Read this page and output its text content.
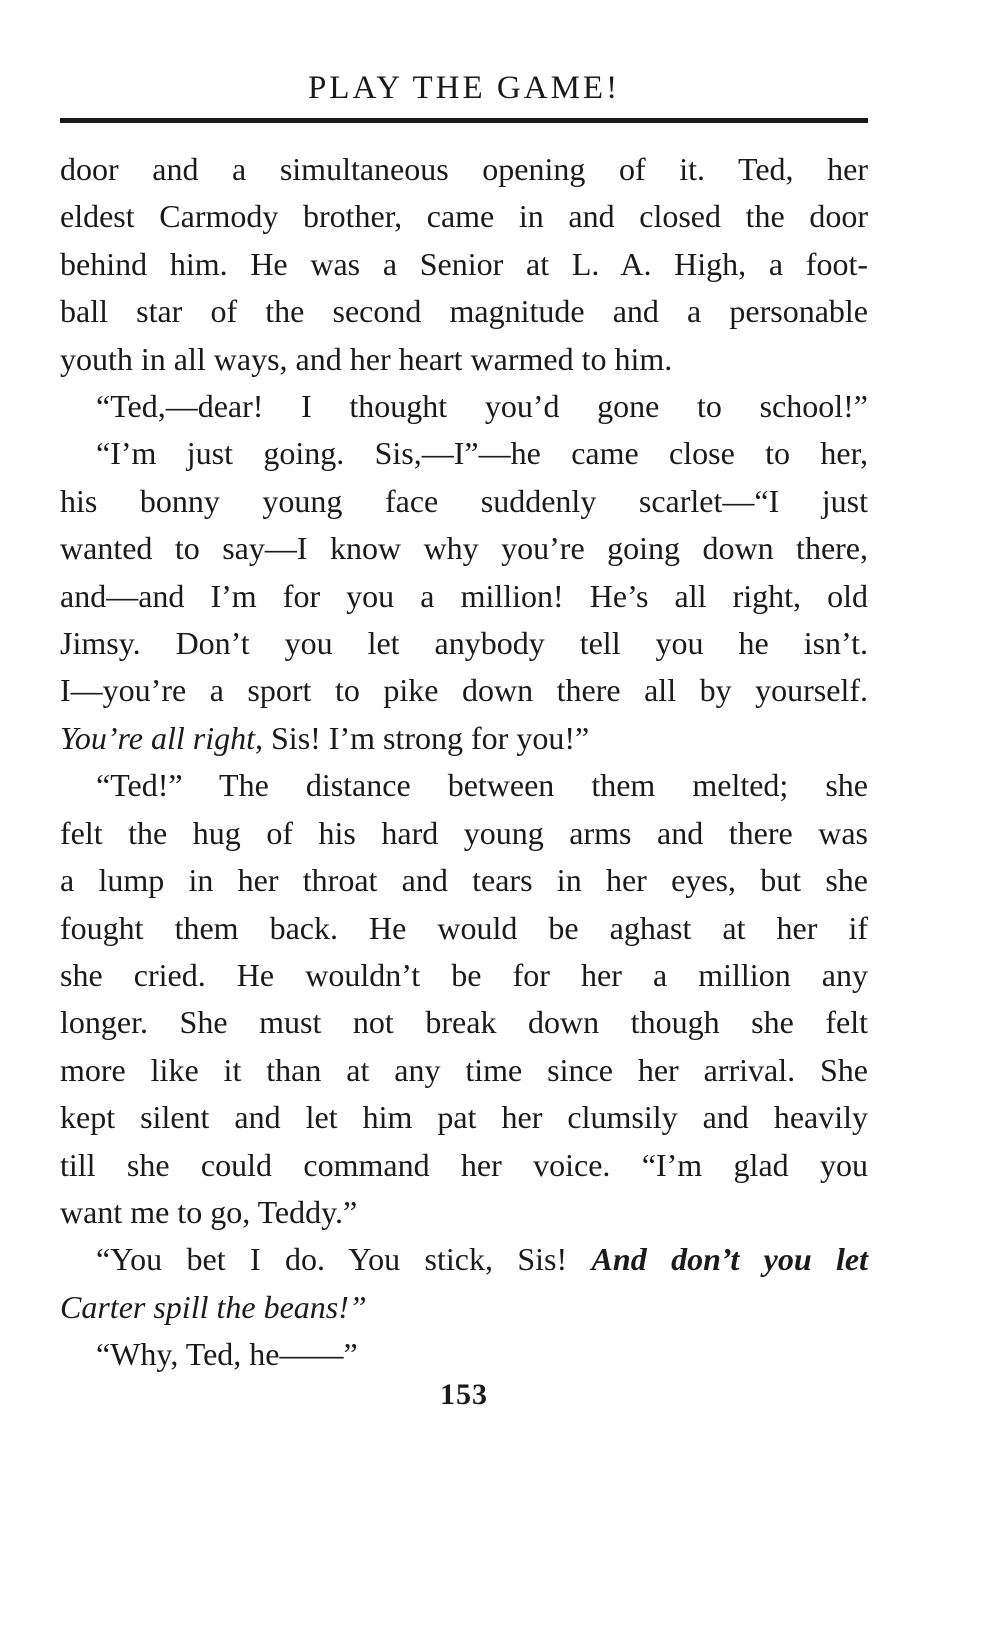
PLAY THE GAME!

door and a simultaneous opening of it. Ted, her
eldest Carmody brother, came in and closed the door
behind him. He was a Senior at L. A. High, a foot-
ball star of the second magnitude and a personable
youth in all ways, and her heart warmed to him.

“Ted,—dear! I thought you’d gone to school!”

“I’m just going. Sis,—I”—he came close to her,
his bonny young face suddenly scarlet—“I just
wanted to say—I know why you’re going down there,
and—and I’m for you a million! He’s all right, old
Jimsy. Don’t you let anybody tell you he isn’t.
I—you’re a sport to pike down there all by yourself.
You’re all right, Sis! I’m strong for you!”

“Ted!” The distance between them melted; she
felt the hug of his hard young arms and there was
a lump in her throat and tears in her eyes, but she
fought them back. He would be aghast at her if
she cried. He wouldn’t be for her a million any
longer. She must not break down though she felt
more like it than at any time since her arrival. She
kept silent and let him pat her clumsily and heavily
till she could command her voice. “I’m glad you
want me to go, Teddy.”

“You bet I do. You stick, Sis! And don’t you let
Carter spill the beans!”

“Why, Ted, he——”

153
